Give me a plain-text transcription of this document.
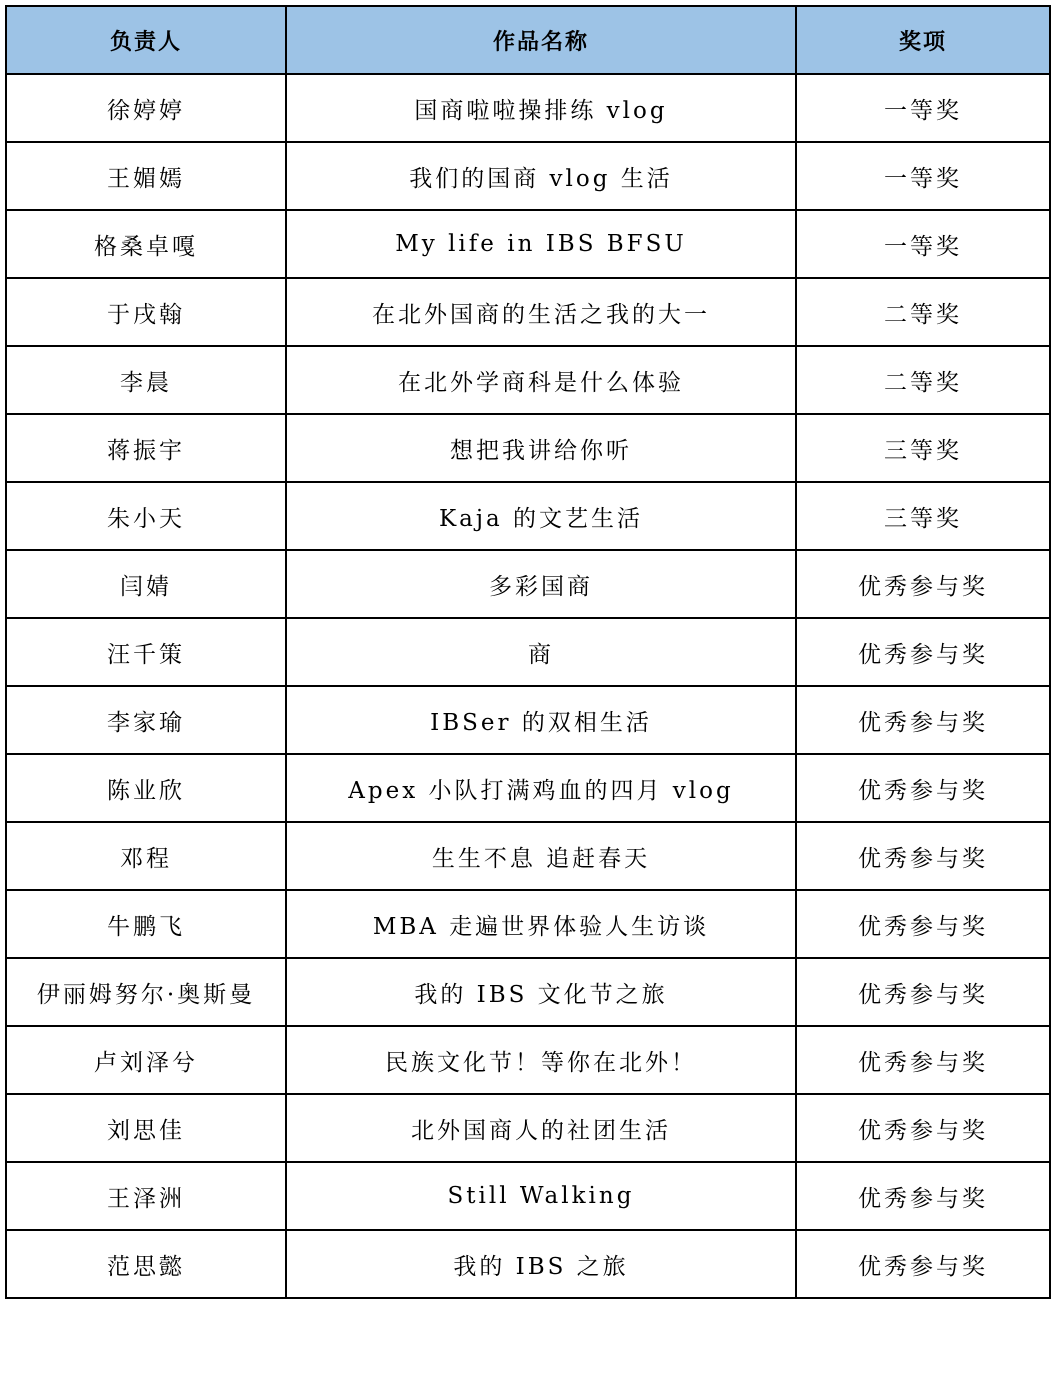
负责人	作品名称	奖项
徐婷婷	国商啦啦操排练 vlog	一等奖
王媚嫣	我们的国商 vlog 生活	一等奖
格桑卓嘎	My life in IBS BFSU	一等奖
于戌翰	在北外国商的生活之我的大一	二等奖
李晨	在北外学商科是什么体验	二等奖
蒋振宇	想把我讲给你听	三等奖
朱小天	Kaja 的文艺生活	三等奖
闫婧	多彩国商	优秀参与奖
汪千策	商	优秀参与奖
李家瑜	IBSer 的双相生活	优秀参与奖
陈业欣	Apex 小队打满鸡血的四月 vlog	优秀参与奖
邓程	生生不息 追赶春天	优秀参与奖
牛鹏飞	MBA 走遍世界体验人生访谈	优秀参与奖
伊丽姆努尔·奥斯曼	我的 IBS 文化节之旅	优秀参与奖
卢刘泽兮	民族文化节！等你在北外！	优秀参与奖
刘思佳	北外国商人的社团生活	优秀参与奖
王泽洲	Still Walking	优秀参与奖
范思懿	我的 IBS 之旅	优秀参与奖
